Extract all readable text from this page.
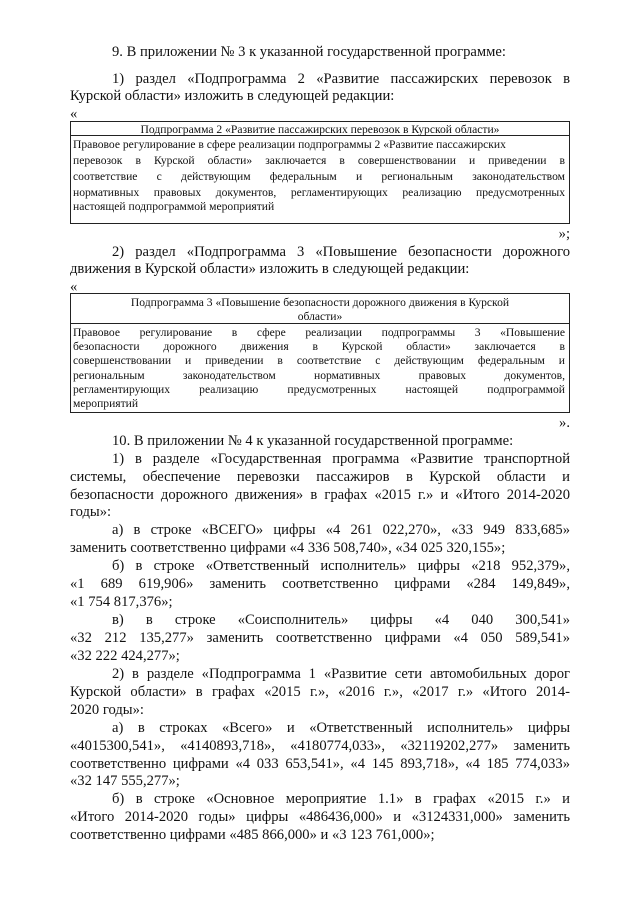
9. В приложении № 3 к указанной государственной программе:

1) раздел «Подпрограмма 2 «Развитие пассажирских перевозок в

Курской области» изложить в следующей редакции:

«

Подпрограмма 2 «Развитие пассажирских перевозок в Курской области»

Правовое регулирование в сфере реализации подпрограммы 2 «Развитие пассажирских

перевозок в Курской области» заключается в совершенствовании и приведении в

соответствие с действующим федеральным и региональным законодательством

нормативных правовых документов, регламентирующих реализацию предусмотренных

настоящей подпрограммой мероприятий

»;

2) раздел «Подпрограмма 3 «Повышение безопасности дорожного

движения в Курской области» изложить в следующей редакции:

«

Подпрограмма 3 «Повышение безопасности дорожного движения в Курской

области»

Правовое регулирование в сфере реализации подпрограммы 3 «Повышение

безопасности дорожного движения в Курской области» заключается в

совершенствовании и приведении в соответствие с действующим федеральным и

региональным законодательством нормативных правовых документов,

регламентирующих реализацию предусмотренных настоящей подпрограммой

мероприятий

».

10. В приложении № 4 к указанной государственной программе:

1) в разделе «Государственная программа «Развитие транспортной

системы, обеспечение перевозки пассажиров в Курской области и

безопасности дорожного движения» в графах «2015 г.» и «Итого 2014-2020

годы»:

а) в строке «ВСЕГО» цифры «4 261 022,270», «33 949 833,685»

заменить соответственно цифрами «4 336 508,740», «34 025 320,155»;

б) в строке «Ответственный исполнитель» цифры «218 952,379»,

«1 689 619,906» заменить соответственно цифрами «284 149,849»,

«1 754 817,376»;

в) в строке «Соисполнитель» цифры «4 040 300,541»

«32 212 135,277» заменить соответственно цифрами «4 050 589,541»

«32 222 424,277»;

2) в разделе «Подпрограмма 1 «Развитие сети автомобильных дорог

Курской области» в графах «2015 г.», «2016 г.», «2017 г.» «Итого 2014-

2020 годы»:

а) в строках «Всего» и «Ответственный исполнитель» цифры

«4015300,541», «4140893,718», «4180774,033», «32119202,277» заменить

соответственно цифрами «4 033 653,541», «4 145 893,718», «4 185 774,033»

«32 147 555,277»;

б) в строке «Основное мероприятие 1.1» в графах «2015 г.» и

«Итого 2014-2020 годы» цифры «486436,000» и «3124331,000» заменить

соответственно цифрами «485 866,000» и «3 123 761,000»;
